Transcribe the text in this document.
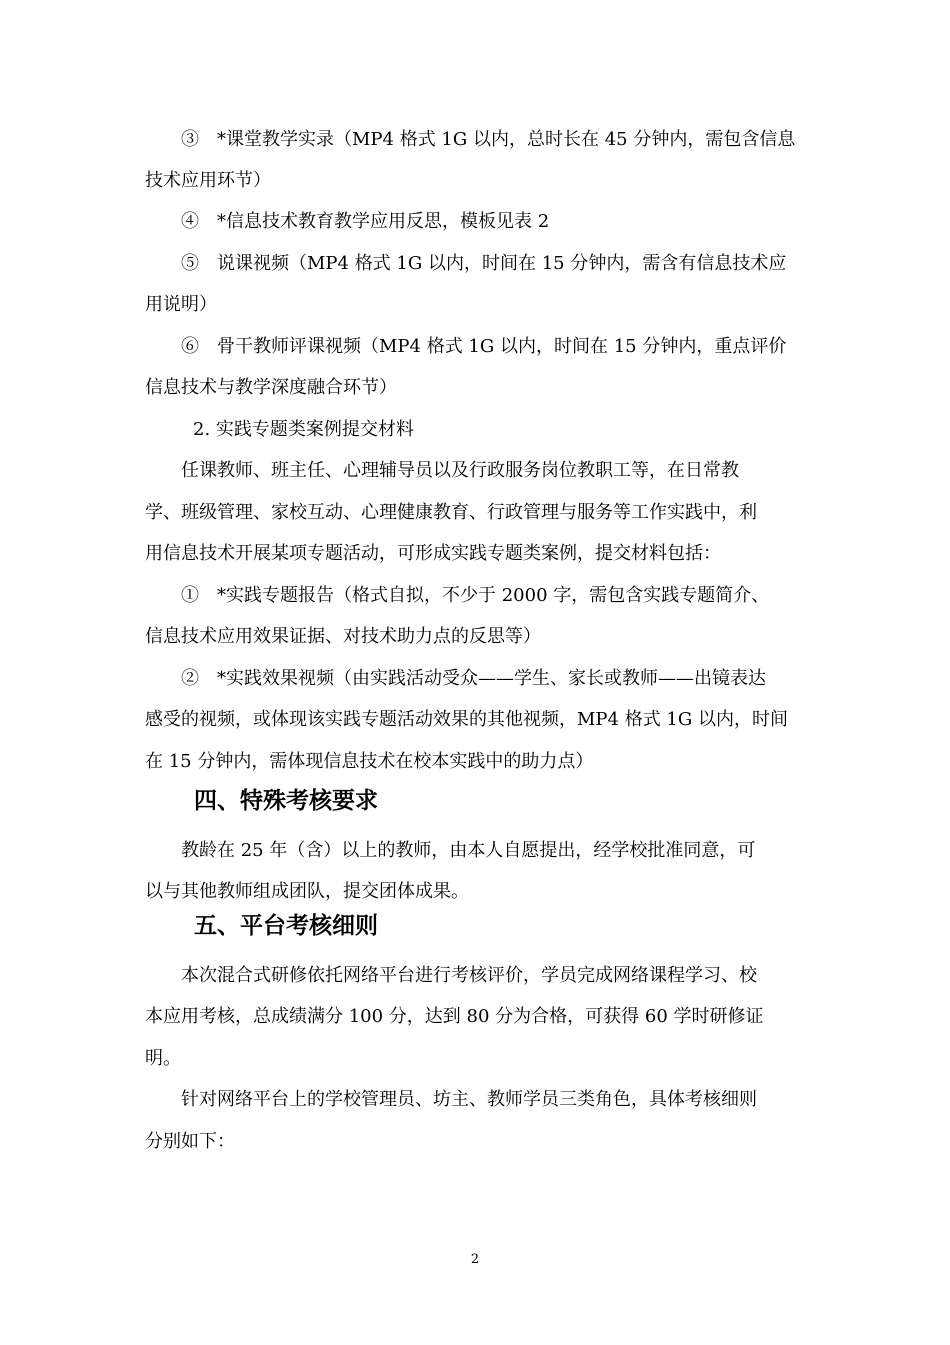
③　*课堂教学实录（MP4 格式 1G 以内，总时长在 45 分钟内，需包含信息

技术应用环节）

④　*信息技术教育教学应用反思，模板见表 2

⑤　说课视频（MP4 格式 1G 以内，时间在 15 分钟内，需含有信息技术应

用说明）

⑥　骨干教师评课视频（MP4 格式 1G 以内，时间在 15 分钟内，重点评价

信息技术与教学深度融合环节）

2. 实践专题类案例提交材料

任课教师、班主任、心理辅导员以及行政服务岗位教职工等，在日常教

学、班级管理、家校互动、心理健康教育、行政管理与服务等工作实践中，利

用信息技术开展某项专题活动，可形成实践专题类案例，提交材料包括：

①　*实践专题报告（格式自拟，不少于 2000 字，需包含实践专题简介、

信息技术应用效果证据、对技术助力点的反思等）

②　*实践效果视频（由实践活动受众——学生、家长或教师——出镜表达

感受的视频，或体现该实践专题活动效果的其他视频，MP4 格式 1G 以内，时间

在 15 分钟内，需体现信息技术在校本实践中的助力点）

四、特殊考核要求

教龄在 25 年（含）以上的教师，由本人自愿提出，经学校批准同意，可

以与其他教师组成团队，提交团体成果。

五、平台考核细则

本次混合式研修依托网络平台进行考核评价，学员完成网络课程学习、校

本应用考核，总成绩满分 100 分，达到 80 分为合格，可获得 60 学时研修证

明。

针对网络平台上的学校管理员、坊主、教师学员三类角色，具体考核细则

分别如下：

2
